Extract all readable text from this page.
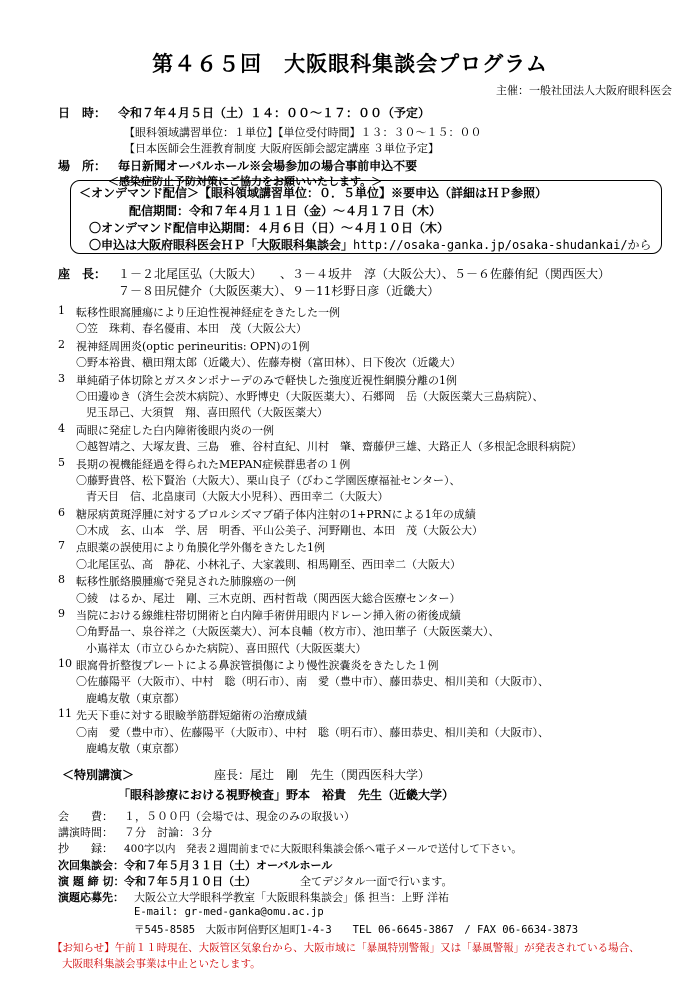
第４６５回　大阪眼科集談会プログラム
主催：一般社団法人大阪府眼科医会
日　時： 令和７年４月５日（土）１４：００～１７：００（予定）
【眼科領域講習単位：１単位】【単位受付時間】１３：３０～１５：００
【日本医師会生涯教育制度 大阪府医師会認定講座 ３単位予定】
場　所： 毎日新聞オーバルホール※会場参加の場合事前申込不要
＜感染症防止予防対策にご協力をお願いいたします。＞
＜オンデマンド配信＞【眼科領域講習単位：０．５単位】※要申込（詳細はＨＰ参照）
配信期間：令和７年４月１１日（金）～４月１７日（木）
〇オンデマンド配信申込期間：４月６日（日）～４月１０日（木）
〇申込は大阪府眼科医会ＨＰ「大阪眼科集談会」http://osaka-ganka.jp/osaka-shudankai/から
座　長： １－２北尾匡弘（大阪大）　　、３－４坂井　淳（大阪公大）、５－６佐藤侑紀（関西医大）
７－８田尻健介（大阪医薬大）、９－11杉野日彦（近畿大）
1 転移性眼窩腫瘍により圧迫性視神経症をきたした一例
〇笠　珠莉、春名優甫、本田　茂（大阪公大）
2 視神経周囲炎(optic perineuritis: OPN)の1例
〇野本裕貴、槇田翔太郎（近畿大）、佐藤寿樹（富田林）、日下俊次（近畿大）
3 単純硝子体切除とガスタンポナーデのみで軽快した強度近視性網膜分離の1例
〇田邊ゆき（済生会茨木病院）、水野博史（大阪医薬大）、石郷岡　岳（大阪医薬大三島病院）、
児玉昂己、大須賀　翔、喜田照代（大阪医薬大）
4 両眼に発症した白内障術後眼内炎の一例
〇越智靖之、大塚友貴、三島　雅、谷村直紀、川村　肇、齋藤伊三雄、大路正人（多根記念眼科病院）
5 長期の視機能経過を得られたMEPAN症候群患者の１例
〇藤野貴啓、松下賢治（大阪大）、栗山良子（びわこ学園医療福祉センター）、
青天目　信、北畠康司（大阪大小児科）、西田幸二（大阪大）
6 糖尿病黄斑浮腫に対するブロルシズマブ硝子体内注射の1+PRNによる1年の成績
〇木成　玄、山本　学、居　明香、平山公美子、河野剛也、本田　茂（大阪公大）
7 点眼薬の誤使用により角膜化学外傷をきたした1例
〇北尾匡弘、高　静花、小林礼子、大家義則、相馬剛至、西田幸二（大阪大）
8 転移性脈絡膜腫瘍で発見された肺腺癌の一例
〇綾　はるか、尾辻　剛、三木克朗、西村哲哉（関西医大総合医療センター）
9 当院における線維柱帯切開術と白内障手術併用眼内ドレーン挿入術の術後成績
〇角野晶一、泉谷祥之（大阪医薬大）、河本良輔（枚方市）、池田華子（大阪医薬大）、
小嶌祥太（市立ひらかた病院）、喜田照代（大阪医薬大）
10 眼窩骨折整復プレートによる鼻涙管損傷により慢性涙嚢炎をきたした１例
〇佐藤陽平（大阪市）、中村　聡（明石市）、南　愛（豊中市）、藤田恭史、相川美和（大阪市）、
鹿嶋友敬（東京都）
11 先天下垂に対する眼瞼挙筋群短縮術の治療成績
〇南　愛（豊中市）、佐藤陽平（大阪市）、中村　聡（明石市）、藤田恭史、相川美和（大阪市）、
鹿嶋友敬（東京都）
＜特別講演＞	座長：尾辻　剛　先生（関西医科大学）
「眼科診療における視野検査」野本　裕貴　先生（近畿大学）
会　　費： １，５００円（会場では、現金のみの取扱い）
講演時間： ７分　討論：３分
抄　　録： 400字以内　発表２週間前までに大阪眼科集談会係へ電子メールで送付して下さい。
次回集談会： 令和７年５月３１日（土）オーバルホール
演 題 締 切： 令和７年５月１０日（土）	全てデジタル一面で行います。
演題応募先： 大阪公立大学眼科学教室「大阪眼科集談会」係 担当：上野 洋祐
E-mail: gr-med-ganka@omu.ac.jp
〒545-8585　大阪市阿倍野区旭町1-4-3　　TEL 06-6645-3867　/ FAX 06-6634-3873
【お知らせ】午前１１時現在、大阪管区気象台から、大阪市域に「暴風特別警報」又は「暴風警報」が発表されている場合、
大阪眼科集談会事業は中止といたします。
